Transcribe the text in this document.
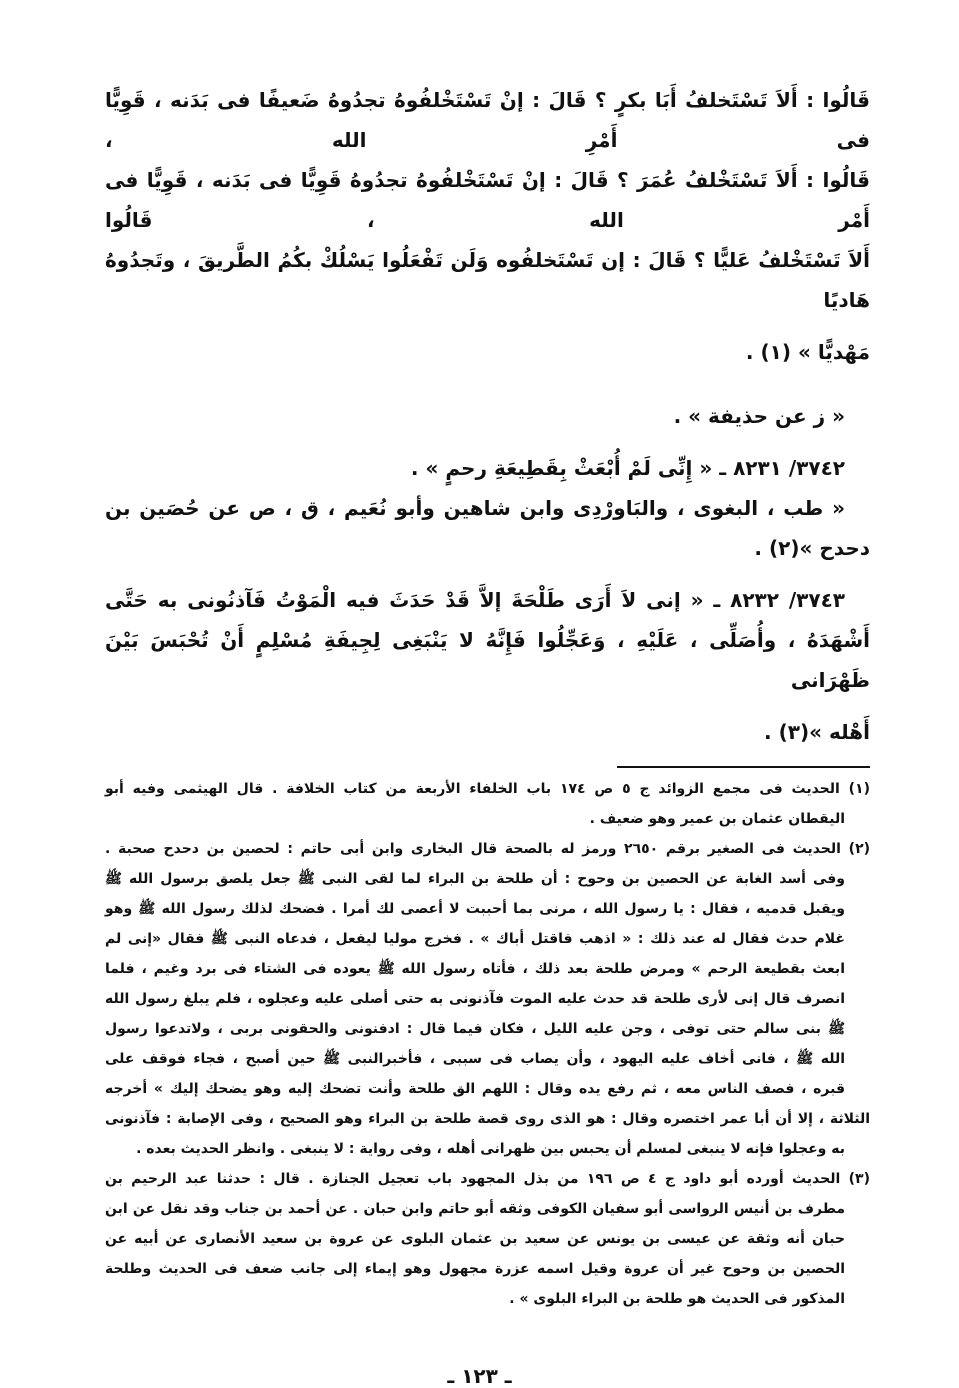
قَالُوا : أَلاَ تَسْتَخلفُ أَبَا بكرٍ ؟ قَالَ : إنْ تَسْتَخْلفُوهُ تجدُوهُ ضَعيفًا فى بَدَنه ، قَوِيًّا فى أَمْرِ الله ،
قَالُوا : أَلاَ تَسْتَخْلفُ عُمَرَ ؟ قَالَ : إنْ تَسْتَخْلفُوهُ تجدُوهُ قَوِيًّا فى بَدَنه ، قَوِيًّا فى أَمْر الله ، قَالُوا
أَلاَ تَسْتَخْلفُ عَليًّا ؟ قَالَ : إن تَسْتَخلفُوه وَلَن تَفْعَلُوا يَسْلُكْ بكُمُ الطَّريقَ ، وتَجدُوهُ هَاديًا
مَهْديًّا » (١) .
« ز عن حذيفة » .
٣٧٤٢/ ٨٢٣١ ـ « إِنِّى لَمْ أُبْعَثْ بِقَطِيعَةِ رحمٍ » .
« طب ، البغوى ، والبَاورْدِى وابن شاهين وأبو نُعَيم ، ق ، ص عن حُصَين بن
دحدح »(٢) .
٣٧٤٣/ ٨٢٣٢ ـ « إنى لاَ أَرَى طَلْحَةَ إلاَّ قَدْ حَدَثَ فيه الْمَوْتُ فَآذنُونى به حَتَّى
أَشْهَدَهُ ، وأُصَلِّى ، عَلَيْهِ ، وَعَجِّلُوا فَإِنَّهُ لا يَنْبَغِى لِجِيفَةِ مُسْلِمٍ أَنْ تُحْبَسَ بَيْنَ ظَهْرَانى
أَهْله »(٣) .
(١) الحديث فى مجمع الزوائد ج ٥ ص ١٧٤ باب الخلفاء الأربعة من كتاب الخلافة . قال الهيثمى وفيه أبو
اليقطان عثمان بن عمير وهو ضعيف .
(٢) الحديث فى الصغير برقم ٢٦٥٠ ورمز له بالصحة قال البخارى وابن أبى حاتم : لحصين بن دحدح صحبة .
وفى أسد الغابة عن الحصين بن وحوح : أن طلحة بن البراء لما لقى النبى ﷺ جعل يلصق برسول الله ﷺ
ويقبل قدميه ، فقال : يا رسول الله ، مرنى بما أحببت لا أعصى لك أمرا . فضحك لذلك رسول الله ﷺ وهو
غلام حدث فقال له عند ذلك : « اذهب فاقتل أباك » . فخرج موليا ليفعل ، فدعاه النبى ﷺ فقال «إنى لم
ابعث بقطيعة الرحم » ومرض طلحة بعد ذلك ، فأتاه رسول الله ﷺ يعوده فى الشتاء فى برد وغيم ، فلما
انصرف قال إنى لأرى طلحة قد حدث عليه الموت فآذنونى به حتى أصلى عليه وعجلوه ، فلم يبلغ رسول الله
ﷺ بنى سالم حتى توفى ، وجن عليه الليل ، فكان فيما قال : ادفنونى والحقونى بربى ، ولاتدعوا رسول
الله ﷺ ، فانى أخاف عليه اليهود ، وأن يصاب فى سببى ، فأخبرالنبى ﷺ حين أصبح ، فجاء فوقف على
قبره ، فصف الناس معه ، ثم رفع يده وقال : اللهم الق طلحة وأنت تضحك إليه وهو يضحك إليك » أخرجه
الثلاثة ، إلا أن أبا عمر اختصره وقال : هو الذى روى قصة طلحة بن البراء وهو الصحيح ، وفى الإصابة : فآذنونى
به وعجلوا فإنه لا ينبغى لمسلم أن يحبس بين ظهرانى أهله ، وفى رواية : لا ينبغى . وانظر الحديث بعده .
(٣) الحديث أورده أبو داود ج ٤ ص ١٩٦ من بذل المجهود باب تعجيل الجنازة . قال : حدثنا عبد الرحيم بن
مطرف بن أنيس الرواسى أبو سفيان الكوفى وثقه أبو حاتم وابن حبان . عن أحمد بن جناب وقد نقل عن ابن
حبان أنه وثقة عن عيسى بن يونس عن سعيد بن عثمان البلوى عن عروة بن سعيد الأنصارى عن أبيه عن
الحصين بن وحوح غير أن عروة وقيل اسمه عزرة مجهول وهو إيماء إلى جانب ضعف فى الحديث وطلحة
المذكور فى الحديث هو طلحة بن البراء البلوى » .
ـ ١٢٣ ـ
